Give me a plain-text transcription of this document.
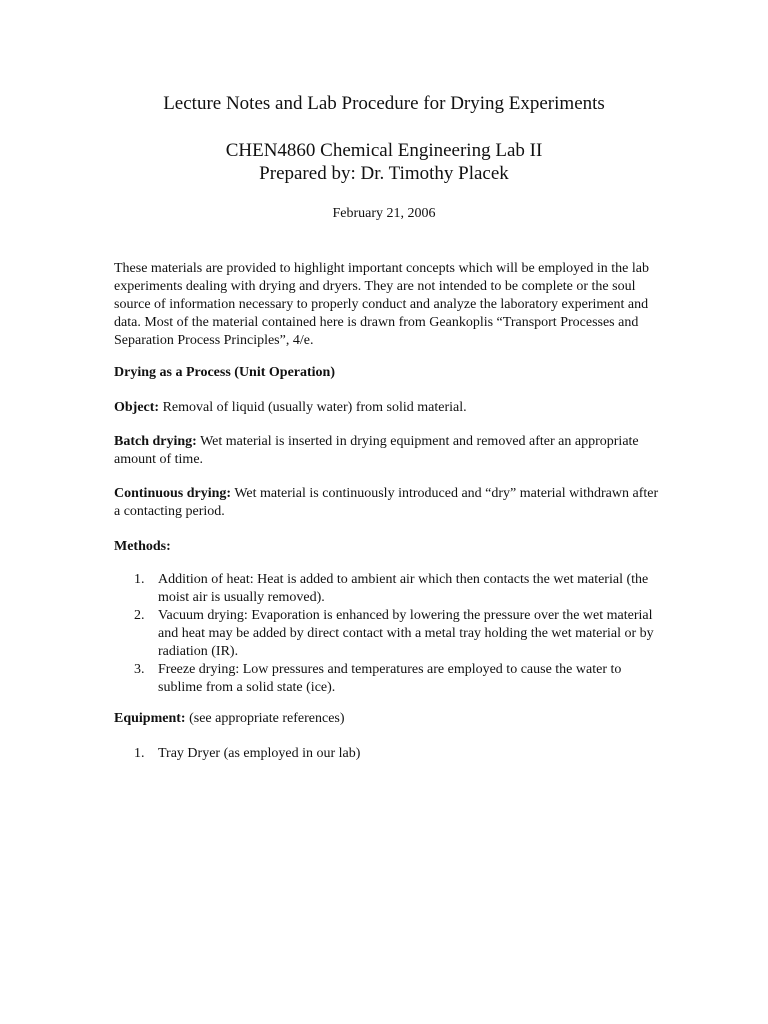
Lecture Notes and Lab Procedure for Drying Experiments
CHEN4860 Chemical Engineering Lab II
Prepared by: Dr. Timothy Placek
February 21, 2006

These materials are provided to highlight important concepts which will be employed in the lab experiments dealing with drying and dryers. They are not intended to be complete or the soul source of information necessary to properly conduct and analyze the laboratory experiment and data. Most of the material contained here is drawn from Geankoplis “Transport Processes and Separation Process Principles”, 4/e.

Drying as a Process (Unit Operation)

Object: Removal of liquid (usually water) from solid material.

Batch drying: Wet material is inserted in drying equipment and removed after an appropriate amount of time.

Continuous drying: Wet material is continuously introduced and “dry” material withdrawn after a contacting period.

Methods:

1. Addition of heat: Heat is added to ambient air which then contacts the wet material (the moist air is usually removed).
2. Vacuum drying: Evaporation is enhanced by lowering the pressure over the wet material and heat may be added by direct contact with a metal tray holding the wet material or by radiation (IR).
3. Freeze drying: Low pressures and temperatures are employed to cause the water to sublime from a solid state (ice).

Equipment: (see appropriate references)

1. Tray Dryer (as employed in our lab)
